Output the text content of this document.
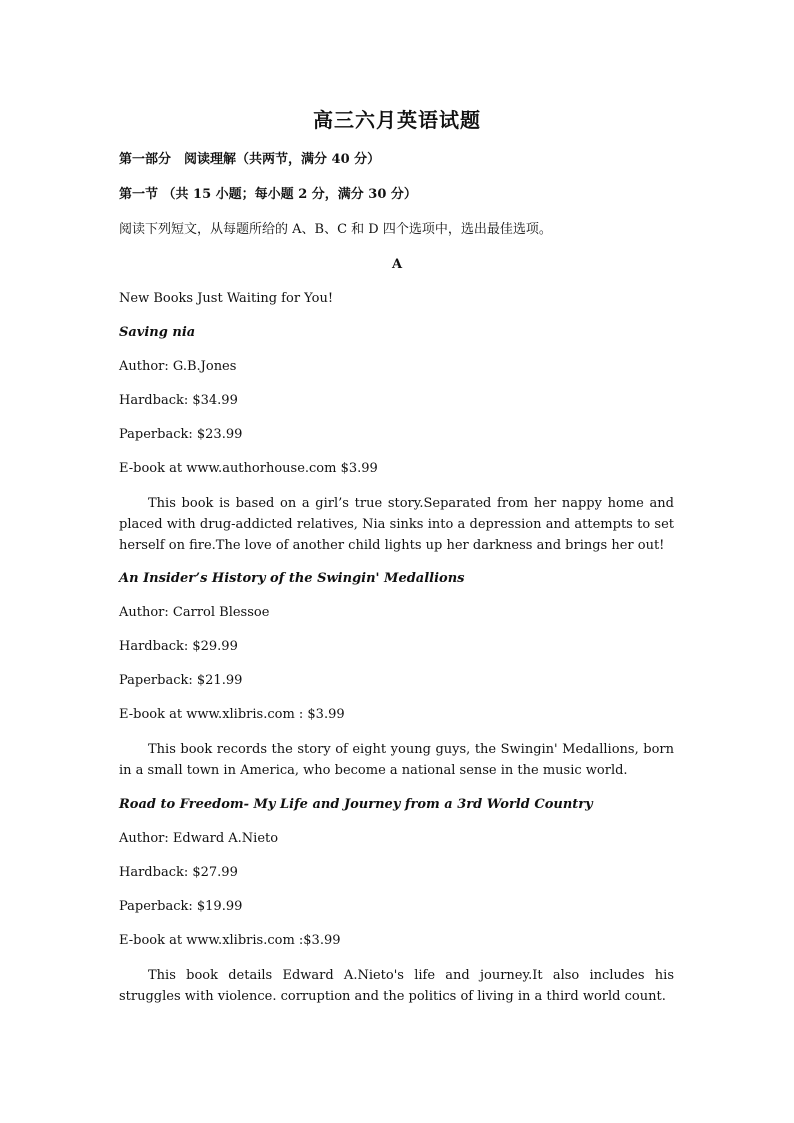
高三六月英语试题
第一部分　阅读理解（共两节，满分 40 分）
第一节 （共 15 小题；每小题 2 分，满分 30 分）
阅读下列短文，从每题所给的 A、B、C 和 D 四个选项中，选出最佳选项。
A
New Books Just Waiting for You!
Saving nia
Author: G.B.Jones
Hardback: $34.99
Paperback: $23.99
E-book at www.authorhouse.com $3.99
This book is based on a girl’s true story.Separated from her nappy home and placed with drug-addicted relatives, Nia sinks into a depression and attempts to set herself on fire.The love of another child lights up her darkness and brings her out!
An Insider’s History of the Swingin' Medallions
Author: Carrol Blessoe
Hardback: $29.99
Paperback: $21.99
E-book at www.xlibris.com : $3.99
This book records the story of eight young guys, the Swingin' Medallions, born in a small town in America, who become a national sense in the music world.
Road to Freedom- My Life and Journey from a 3rd World Country
Author: Edward A.Nieto
Hardback: $27.99
Paperback: $19.99
E-book at www.xlibris.com :$3.99
This book details Edward A.Nieto's life and journey.It also includes his struggles with violence. corruption and the politics of living in a third world count.
